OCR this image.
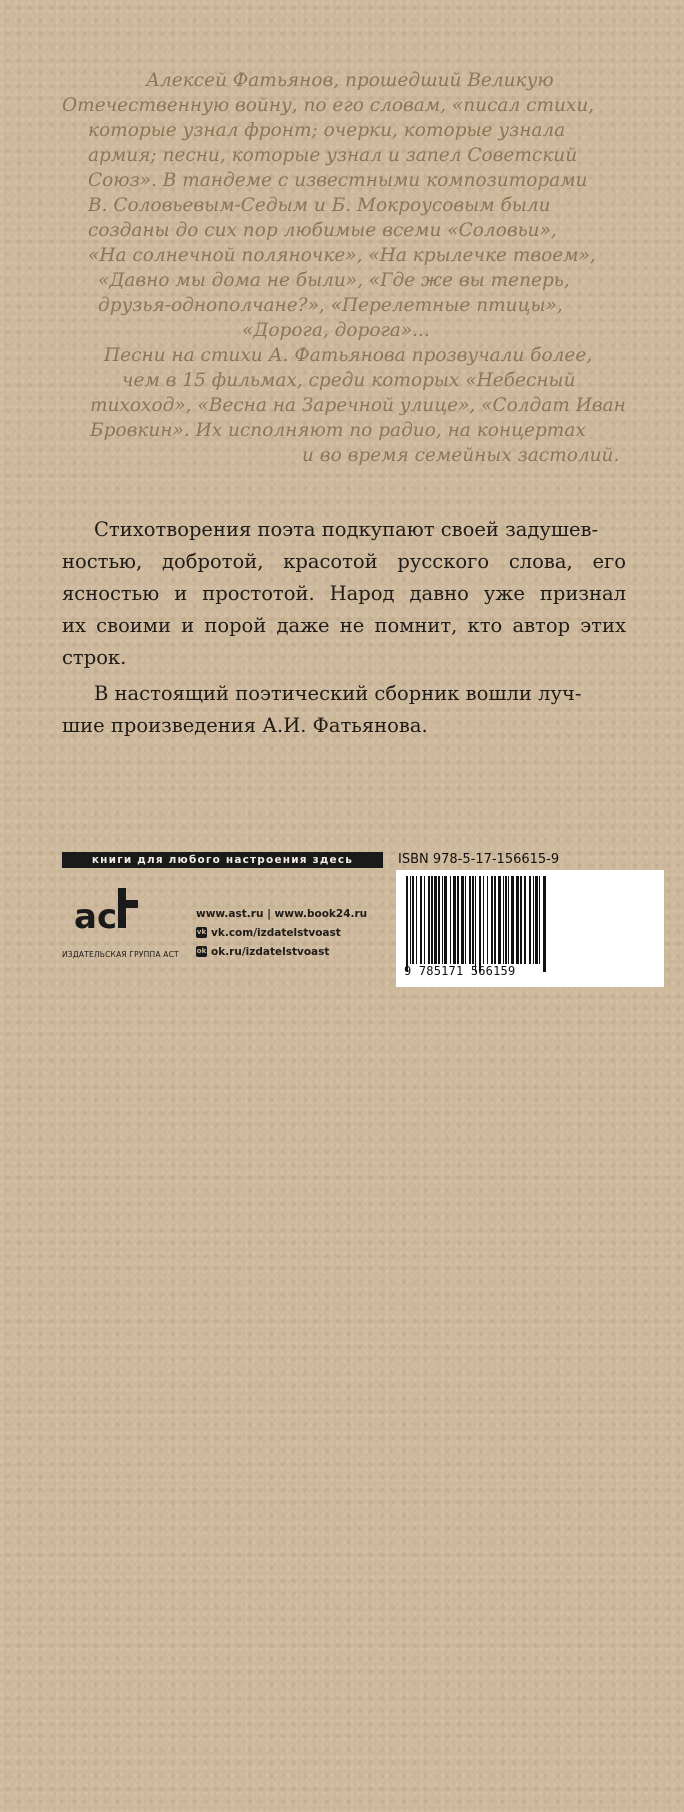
Алексей Фатьянов, прошедший Великую
Отечественную войну, по его словам, «писал стихи,
которые узнал фронт; очерки, которые узнала
армия; песни, которые узнал и запел Советский
Союз». В тандеме с известными композиторами
В. Соловьевым-Седым и Б. Мокроусовым были
созданы до сих пор любимые всеми «Соловьи»,
«На солнечной поляночке», «На крылечке твоем»,
«Давно мы дома не были», «Где же вы теперь,
друзья-однополчане?», «Перелетные птицы»,
«Дорога, дорога»...
Песни на стихи А. Фатьянова прозвучали более,
чем в 15 фильмах, среди которых «Небесный
тихоход», «Весна на Заречной улице», «Солдат Иван
Бровкин». Их исполняют по радио, на концертах
и во время семейных застолий.
Стихотворения поэта подкупают своей задушев-
ностью, добротой, красотой русского слова, его
ясностью и простотой. Народ давно уже признал
их своими и порой даже не помнит, кто автор этих
строк.
В настоящий поэтический сборник вошли луч-
шие произведения А.И. Фатьянова.
книги для любого настроения здесь
ас
ИЗДАТЕЛЬСКАЯ ГРУППА АСТ
www.ast.ru | www.book24.ru
vk vk.com/izdatelstvoast
ok ok.ru/izdatelstvoast
ISBN 978-5-17-156615-9
9 785171 566159
